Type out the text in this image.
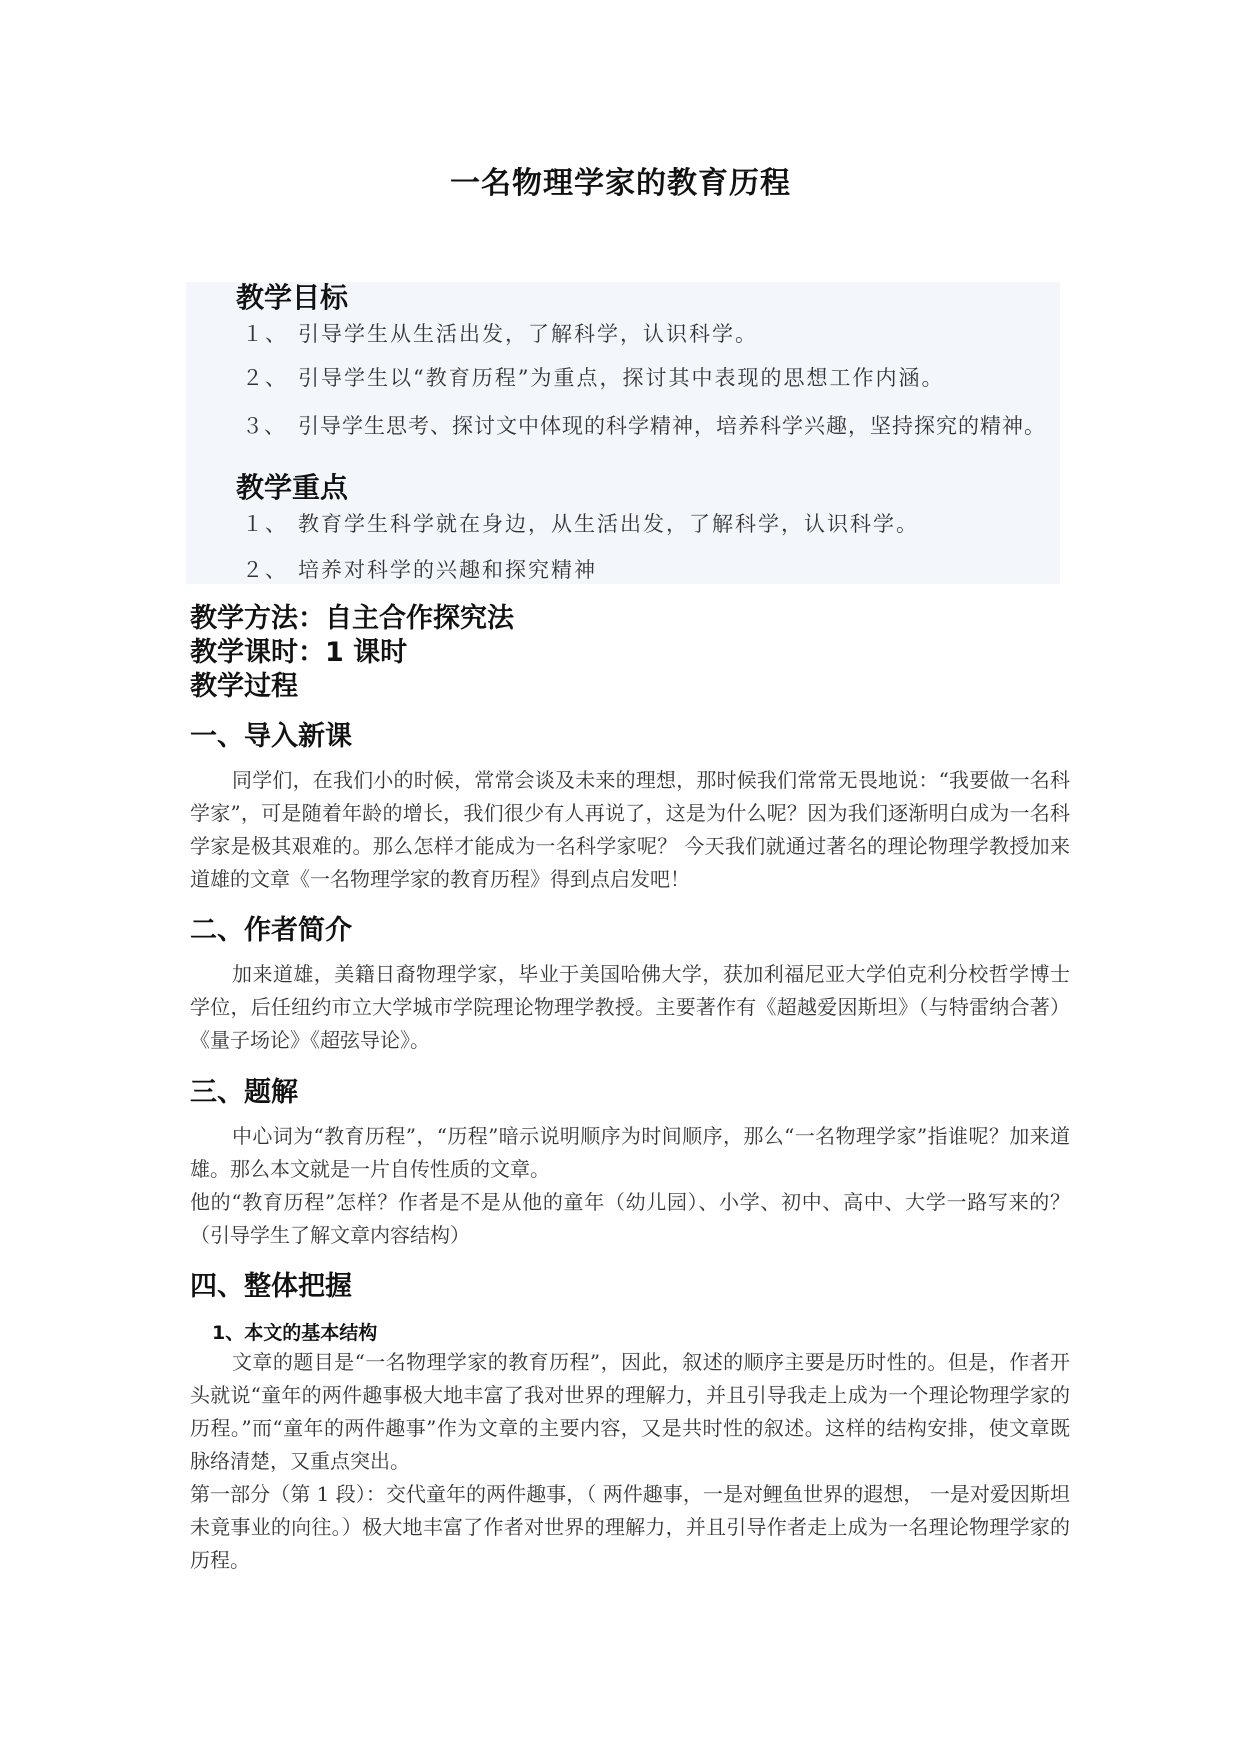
一名物理学家的教育历程
教学目标
１、 引导学生从生活出发，了解科学，认识科学。
２、 引导学生以“教育历程”为重点，探讨其中表现的思想工作内涵。
３、 引导学生思考、探讨文中体现的科学精神，培养科学兴趣，坚持探究的精神。
教学重点
１、 教育学生科学就在身边，从生活出发，了解科学，认识科学。
２、 培养对科学的兴趣和探究精神
教学方法：自主合作探究法
教学课时：1 课时
教学过程
一、导入新课
同学们，在我们小的时候，常常会谈及未来的理想，那时候我们常常无畏地说：“我要做一名科学家”，可是随着年龄的增长，我们很少有人再说了，这是为什么呢？因为我们逐渐明白成为一名科学家是极其艰难的。那么怎样才能成为一名科学家呢？ 今天我们就通过著名的理论物理学教授加来道雄的文章《一名物理学家的教育历程》得到点启发吧！
二、作者简介
加来道雄，美籍日裔物理学家，毕业于美国哈佛大学，获加利福尼亚大学伯克利分校哲学博士学位，后任纽约市立大学城市学院理论物理学教授。主要著作有《超越爱因斯坦》（与特雷纳合著）《量子场论》《超弦导论》。
三、题解
中心词为“教育历程”，“历程”暗示说明顺序为时间顺序，那么“一名物理学家”指谁呢？加来道雄。那么本文就是一片自传性质的文章。
他的“教育历程”怎样？作者是不是从他的童年（幼儿园）、小学、初中、高中、大学一路写来的？（引导学生了解文章内容结构）
四、整体把握
1、本文的基本结构
文章的题目是“一名物理学家的教育历程”，因此，叙述的顺序主要是历时性的。但是，作者开头就说“童年的两件趣事极大地丰富了我对世界的理解力，并且引导我走上成为一个理论物理学家的历程。”而“童年的两件趣事”作为文章的主要内容，又是共时性的叙述。这样的结构安排，使文章既脉络清楚，又重点突出。
第一部分（第 1 段）：交代童年的两件趣事，（ 两件趣事，一是对鲤鱼世界的遐想， 一是对爱因斯坦未竟事业的向往。）极大地丰富了作者对世界的理解力，并且引导作者走上成为一名理论物理学家的历程。
